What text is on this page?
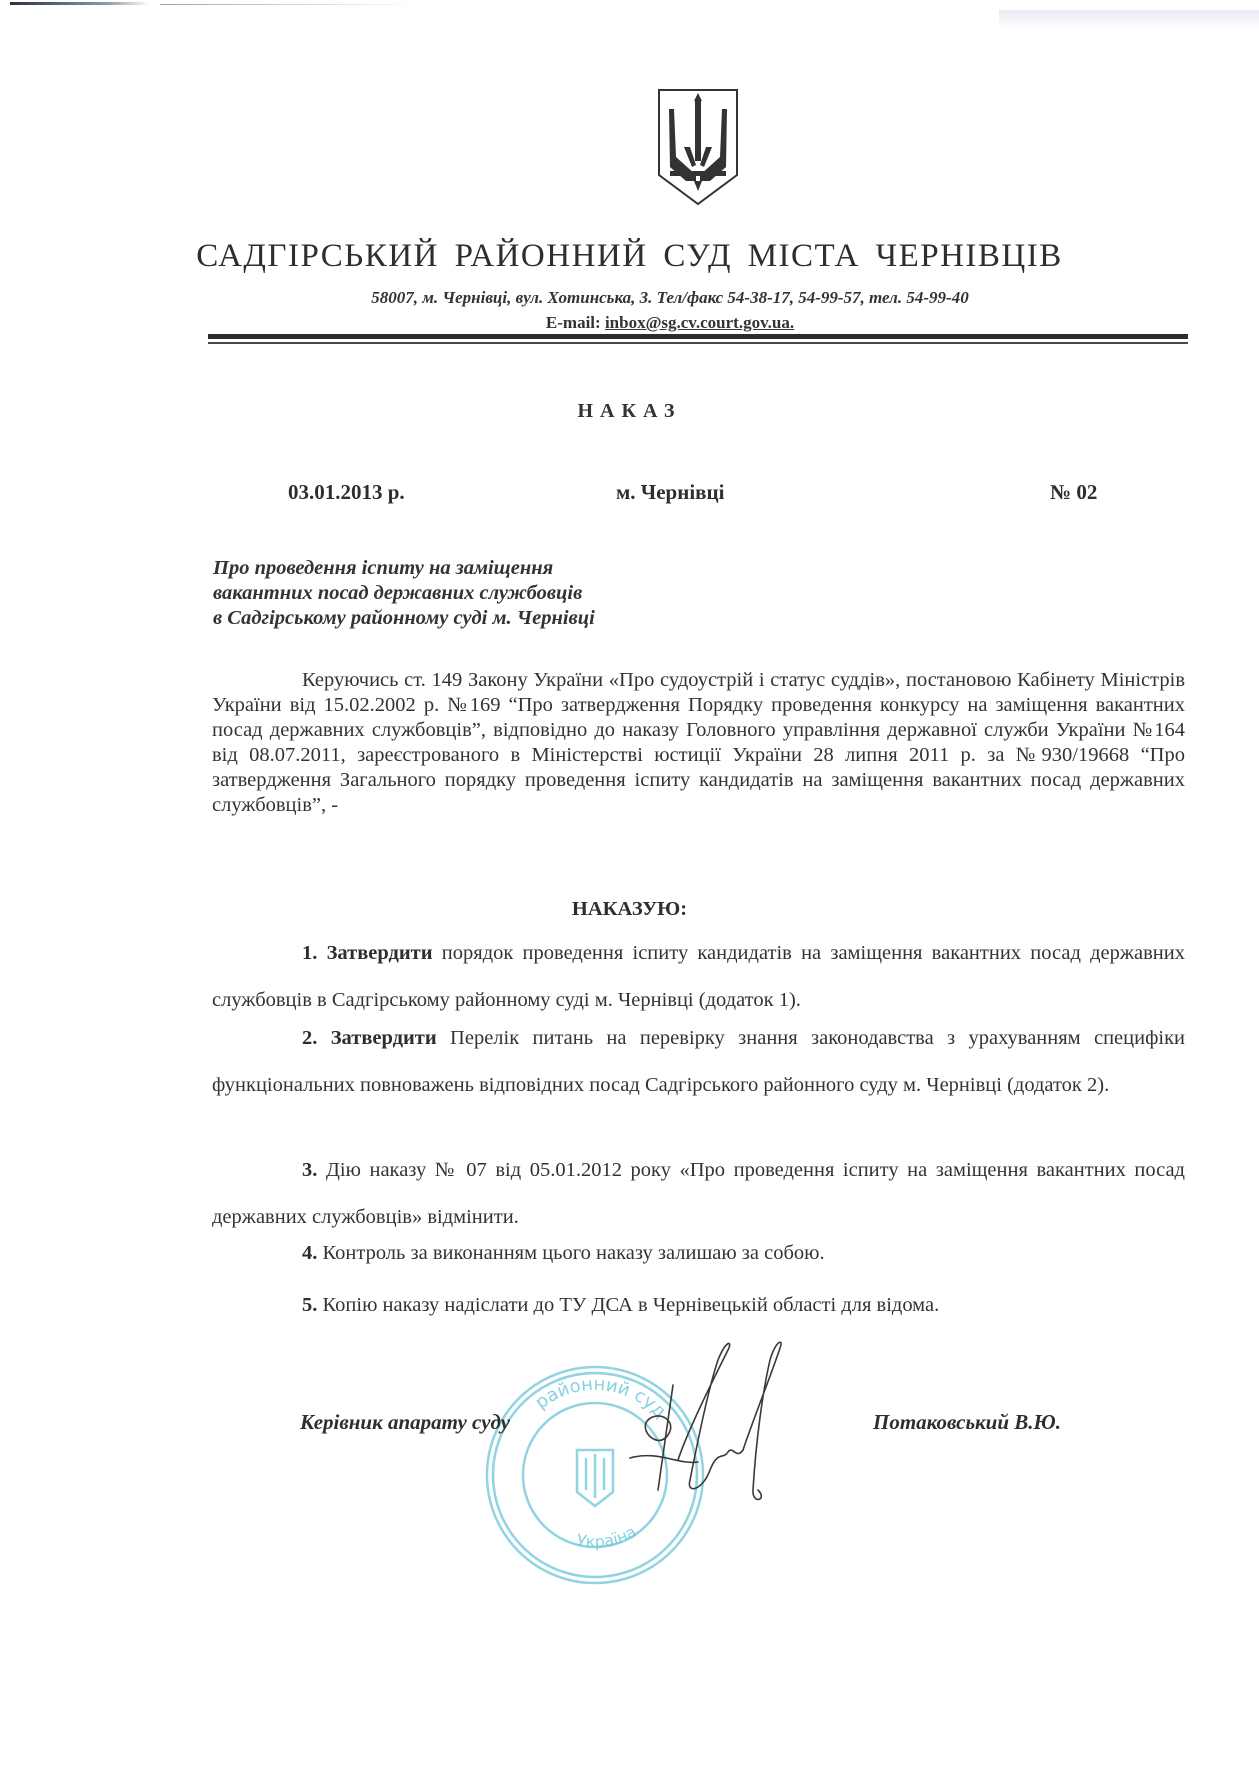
САДГІРСЬКИЙ РАЙОННИЙ СУД МІСТА ЧЕРНІВЦІВ
58007, м. Чернівці, вул. Хотинська, 3. Тел/факс 54-38-17, 54-99-57, тел. 54-99-40
E-mail: inbox@sg.cv.court.gov.ua.
НАКАЗ
03.01.2013 р.	м. Чернівці	№ 02
Про проведення іспиту на заміщення
вакантних посад державних службовців
в Садгірському районному суді м. Чернівці
Керуючись ст. 149 Закону України «Про судоустрій і статус суддів», постановою Кабінету Міністрів України від 15.02.2002 р. №169 “Про затвердження Порядку проведення конкурсу на заміщення вакантних посад державних службовців”, відповідно до наказу Головного управління державної служби України №164 від 08.07.2011, зареєстрованого в Міністерстві юстиції України 28 липня 2011 р. за №930/19668 “Про затвердження Загального порядку проведення іспиту кандидатів на заміщення вакантних посад державних службовців”, -
НАКАЗУЮ:
1. Затвердити порядок проведення іспиту кандидатів на заміщення вакантних посад державних службовців в Садгірському районному суді м. Чернівці (додаток 1).
2. Затвердити Перелік питань на перевірку знання законодавства з урахуванням специфіки функціональних повноважень відповідних посад Садгірського районного суду м. Чернівці (додаток 2).
3. Дію наказу № 07 від 05.01.2012 року «Про проведення іспиту на заміщення вакантних посад державних службовців» відмінити.
4. Контроль за виконанням цього наказу залишаю за собою.
5. Копію наказу надіслати до ТУ ДСА в Чернівецькій області для відома.
районний суд
Україна
Керівник апарату суду	Потаковський В.Ю.
